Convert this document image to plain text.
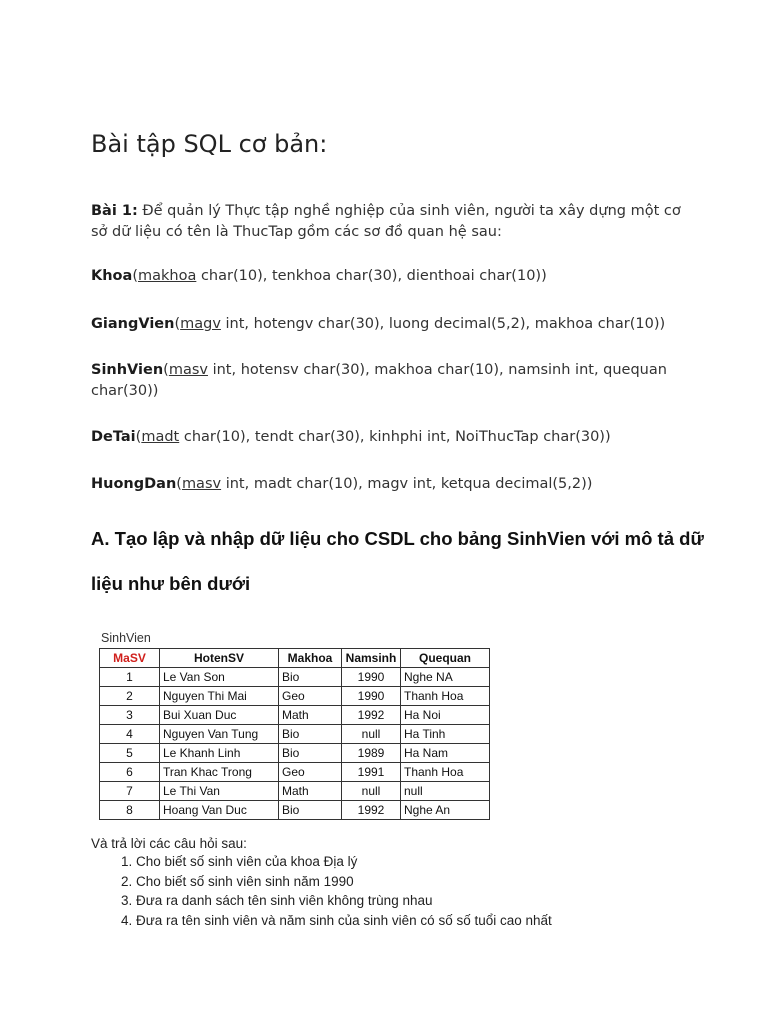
Bài tập SQL cơ bản:
Bài 1: Để quản lý Thực tập nghề nghiệp của sinh viên, người ta xây dựng một cơ sở dữ liệu có tên là ThucTap gồm các sơ đồ quan hệ sau:
Khoa(makhoa char(10), tenkhoa char(30), dienthoai char(10))
GiangVien(magv int, hotengv char(30), luong decimal(5,2), makhoa char(10))
SinhVien(masv int, hotensv char(30), makhoa char(10), namsinh int, quequan char(30))
DeTai(madt char(10), tendt char(30), kinhphi int, NoiThucTap char(30))
HuongDan(masv int, madt char(10), magv int, ketqua decimal(5,2))
A. Tạo lập và nhập dữ liệu cho CSDL cho bảng SinhVien với mô tả dữ
liệu như bên dưới
SinhVien
MaSV	HotenSV	Makhoa	Namsinh	Quequan
1	Le Van Son	Bio	1990	Nghe NA
2	Nguyen Thi Mai	Geo	1990	Thanh Hoa
3	Bui Xuan Duc	Math	1992	Ha Noi
4	Nguyen Van Tung	Bio	null	Ha Tinh
5	Le Khanh Linh	Bio	1989	Ha Nam
6	Tran Khac Trong	Geo	1991	Thanh Hoa
7	Le Thi Van	Math	null	null
8	Hoang Van Duc	Bio	1992	Nghe An
Và trả lời các câu hỏi sau:
1. Cho biết số sinh viên của khoa Địa lý
2. Cho biết số sinh viên sinh năm 1990
3. Đưa ra danh sách tên sinh viên không trùng nhau
4. Đưa ra tên sinh viên và năm sinh của sinh viên có số số tuổi cao nhất
